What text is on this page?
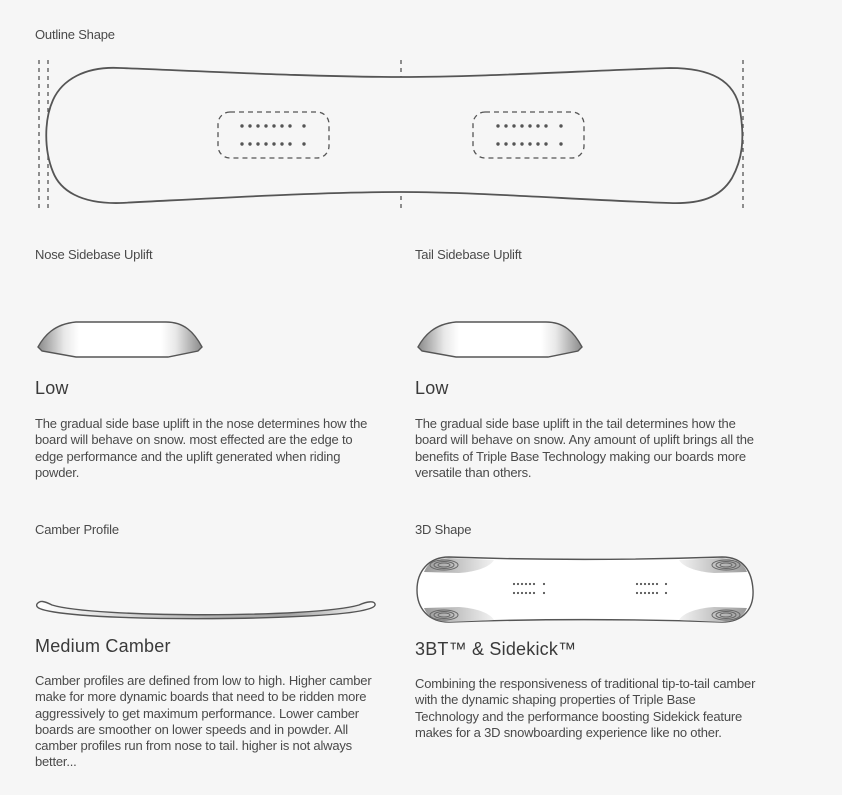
Outline Shape
Nose Sidebase Uplift
Low
The gradual side base uplift in the nose determines how the board will behave on snow. most effected are the edge to edge performance and the uplift generated when riding powder.
Tail Sidebase Uplift
Low
The gradual side base uplift in the tail determines how the board will behave on snow. Any amount of uplift brings all the benefits of Triple Base Technology making our boards more versatile than others.
Camber Profile
Medium Camber
Camber profiles are defined from low to high. Higher camber make for more dynamic boards that need to be ridden more aggressively to get maximum performance. Lower camber boards are smoother on lower speeds and in powder. All camber profiles run from nose to tail. higher is not always better...
3D Shape
3BT™ & Sidekick™
Combining the responsiveness of traditional tip-to-tail camber with the dynamic shaping properties of Triple Base Technology and the performance boosting Sidekick feature makes for a 3D snowboarding experience like no other.
